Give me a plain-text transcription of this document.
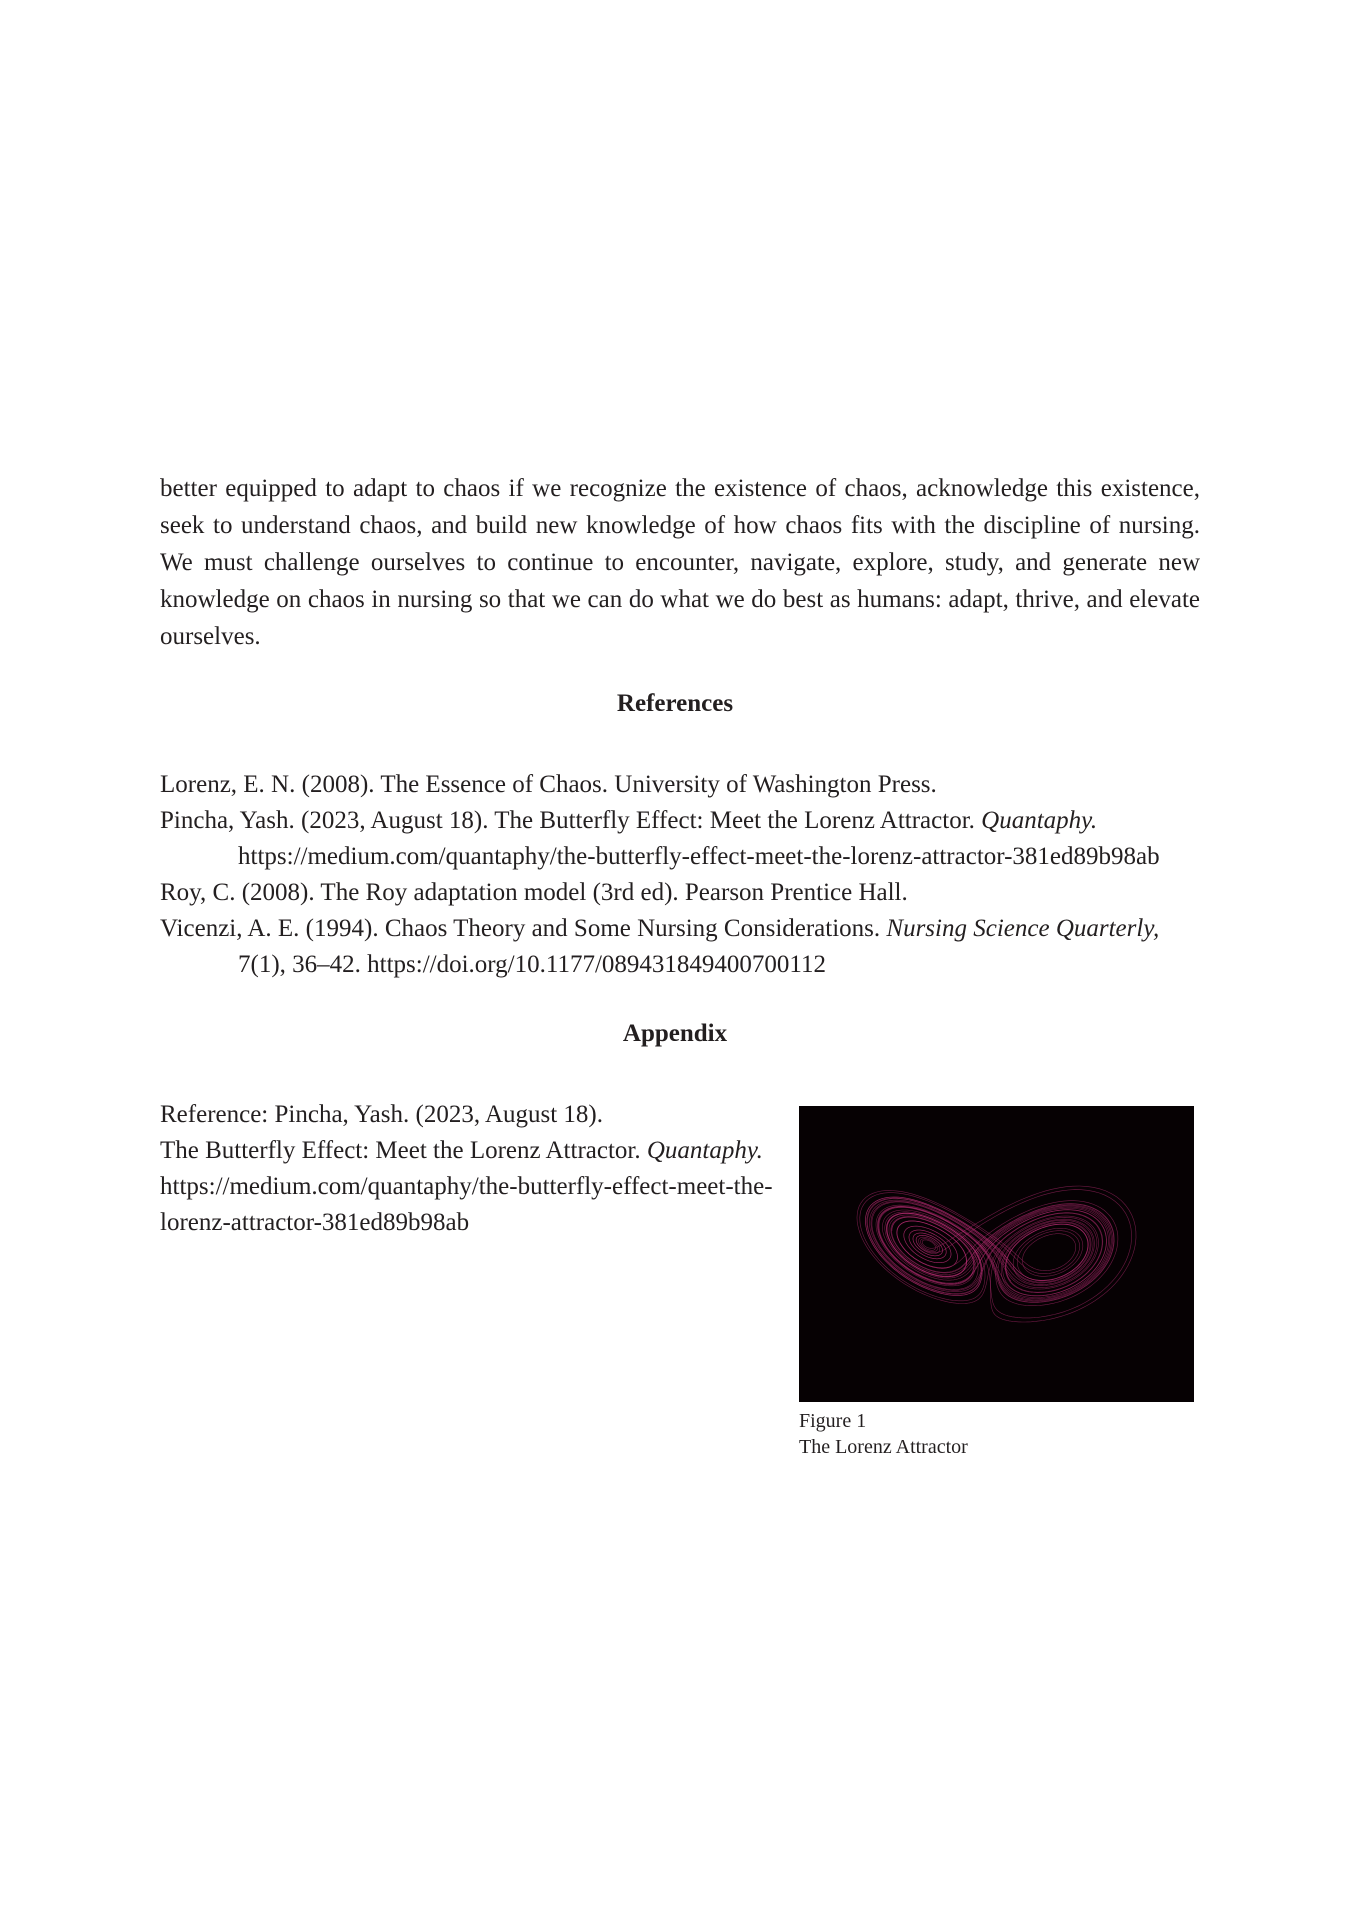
better equipped to adapt to chaos if we recognize the existence of chaos, acknowledge this existence, seek to understand chaos, and build new knowledge of how chaos fits with the discipline of nursing. We must challenge ourselves to continue to encounter, navigate, explore, study, and generate new knowledge on chaos in nursing so that we can do what we do best as humans: adapt, thrive, and elevate ourselves.

References

Lorenz, E. N. (2008). The Essence of Chaos. University of Washington Press.

Pincha, Yash. (2023, August 18). The Butterfly Effect: Meet the Lorenz Attractor. Quantaphy. https://medium.com/quantaphy/the-butterfly-effect-meet-the-lorenz-attractor-381ed89b98ab

Roy, C. (2008). The Roy adaptation model (3rd ed). Pearson Prentice Hall.

Vicenzi, A. E. (1994). Chaos Theory and Some Nursing Considerations. Nursing Science Quarterly, 7(1), 36–42. https://doi.org/10.1177/089431849400700112

Appendix

Reference: Pincha, Yash. (2023, August 18).

The Butterfly Effect: Meet the Lorenz Attractor. Quantaphy.

https://medium.com/quantaphy/the-butterfly-effect-meet-the-

lorenz-attractor-381ed89b98ab

Figure 1
The Lorenz Attractor
